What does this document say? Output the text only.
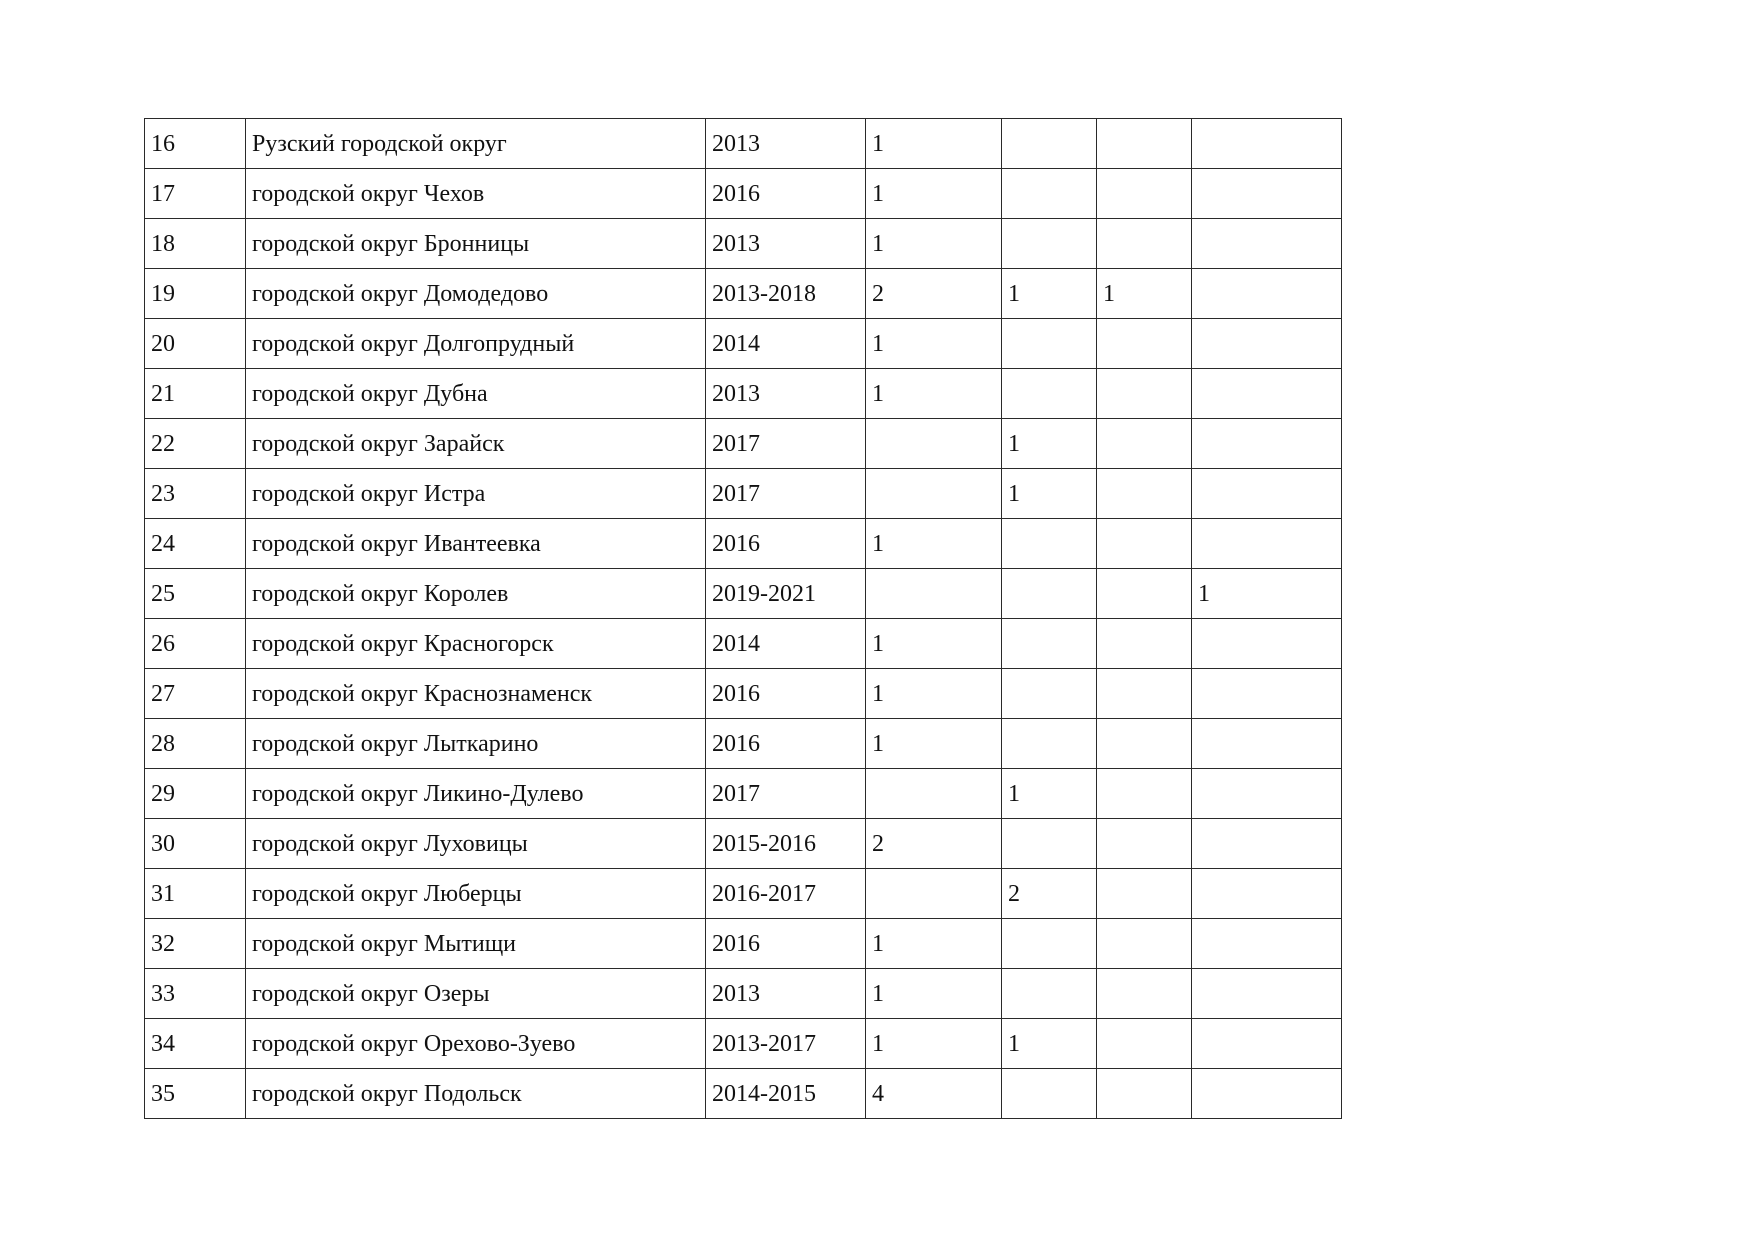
16	Рузский городской округ	2013	1			
17	городской округ Чехов	2016	1			
18	городской округ Бронницы	2013	1			
19	городской округ Домодедово	2013-2018	2	1	1	
20	городской округ Долгопрудный	2014	1			
21	городской округ Дубна	2013	1			
22	городской округ Зарайск	2017		1		
23	городской округ Истра	2017		1		
24	городской округ Ивантеевка	2016	1			
25	городской округ Королев	2019-2021				1
26	городской округ Красногорск	2014	1			
27	городской округ Краснознаменск	2016	1			
28	городской округ Лыткарино	2016	1			
29	городской округ Ликино-Дулево	2017		1		
30	городской округ Луховицы	2015-2016	2			
31	городской округ Люберцы	2016-2017		2		
32	городской округ Мытищи	2016	1			
33	городской округ Озеры	2013	1			
34	городской округ Орехово-Зуево	2013-2017	1	1		
35	городской округ Подольск	2014-2015	4			
